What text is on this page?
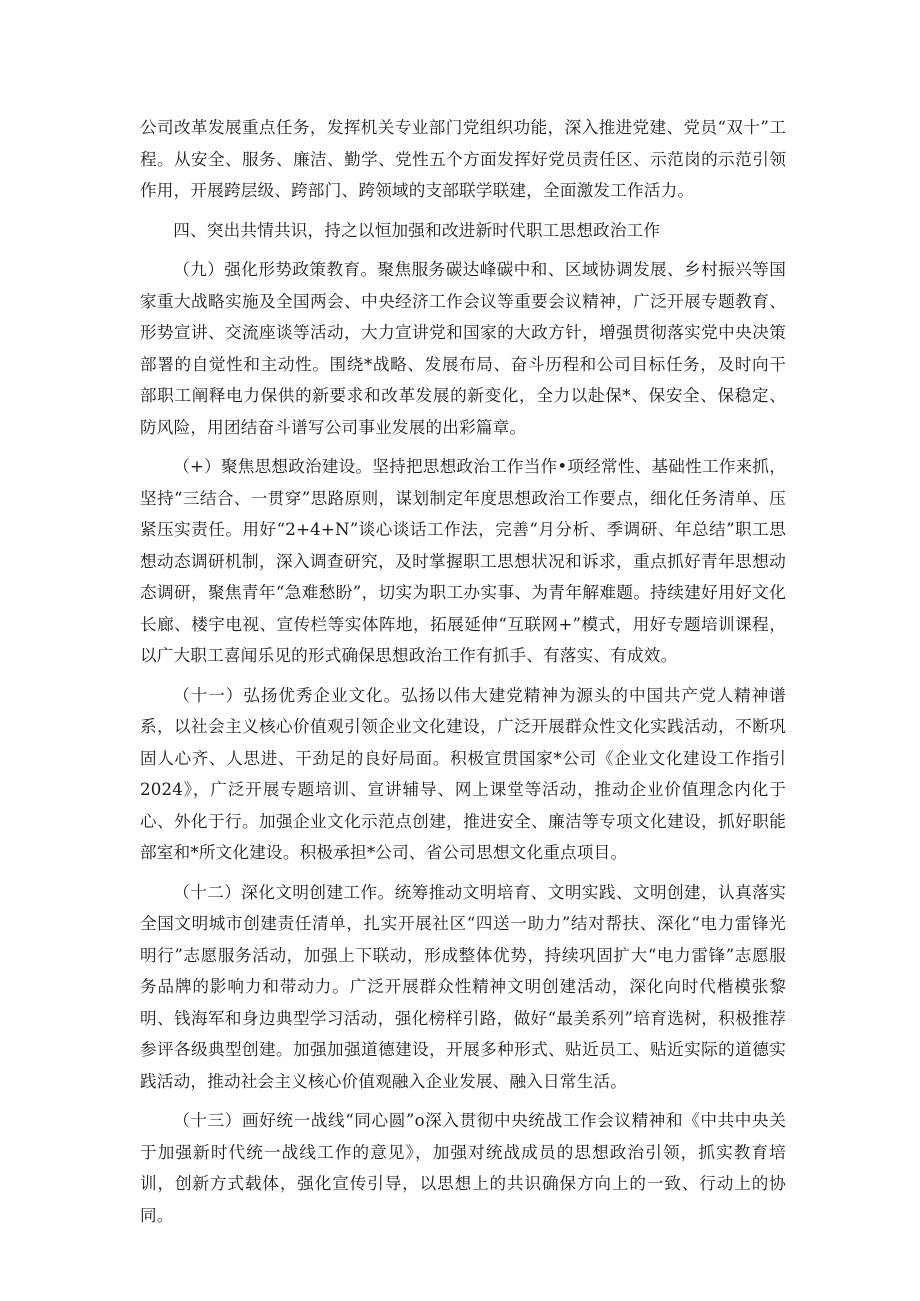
公司改革发展重点任务，发挥机关专业部门党组织功能，深入推进党建、党员“双十”工程。从安全、服务、廉洁、勤学、党性五个方面发挥好党员责任区、示范岗的示范引领作用，开展跨层级、跨部门、跨领域的支部联学联建，全面激发工作活力。

四、突出共情共识，持之以恒加强和改进新时代职工思想政治工作

（九）强化形势政策教育。聚焦服务碳达峰碳中和、区域协调发展、乡村振兴等国家重大战略实施及全国两会、中央经济工作会议等重要会议精神，广泛开展专题教育、形势宣讲、交流座谈等活动，大力宣讲党和国家的大政方针，增强贯彻落实党中央决策部署的自觉性和主动性。围绕*战略、发展布局、奋斗历程和公司目标任务，及时向干部职工阐释电力保供的新要求和改革发展的新变化，全力以赴保*、保安全、保稳定、防风险，用团结奋斗谱写公司事业发展的出彩篇章。

（+）聚焦思想政治建设。坚持把思想政治工作当作•项经常性、基础性工作来抓，坚持“三结合、一贯穿”思路原则，谋划制定年度思想政治工作要点，细化任务清单、压紧压实责任。用好“2+4+N”谈心谈话工作法，完善“月分析、季调研、年总结”职工思想动态调研机制，深入调查研究，及时掌握职工思想状况和诉求，重点抓好青年思想动态调研，聚焦青年“急难愁盼”，切实为职工办实事、为青年解难题。持续建好用好文化长廊、楼宇电视、宣传栏等实体阵地，拓展延伸“互联网+”模式，用好专题培训课程，以广大职工喜闻乐见的形式确保思想政治工作有抓手、有落实、有成效。

（十一）弘扬优秀企业文化。弘扬以伟大建党精神为源头的中国共产党人精神谱系，以社会主义核心价值观引领企业文化建设，广泛开展群众性文化实践活动，不断巩固人心齐、人思进、干劲足的良好局面。积极宣贯国家*公司《企业文化建设工作指引2024》，广泛开展专题培训、宣讲辅导、网上课堂等活动，推动企业价值理念内化于心、外化于行。加强企业文化示范点创建，推进安全、廉洁等专项文化建设，抓好职能部室和*所文化建设。积极承担*公司、省公司思想文化重点项目。

（十二）深化文明创建工作。统筹推动文明培育、文明实践、文明创建，认真落实全国文明城市创建责任清单，扎实开展社区“四送一助力”结对帮扶、深化“电力雷锋光明行”志愿服务活动，加强上下联动，形成整体优势，持续巩固扩大“电力雷锋”志愿服务品牌的影响力和带动力。广泛开展群众性精神文明创建活动，深化向时代楷模张黎明、钱海军和身边典型学习活动，强化榜样引路，做好“最美系列”培育选树，积极推荐参评各级典型创建。加强加强道德建设，开展多种形式、贴近员工、贴近实际的道德实践活动，推动社会主义核心价值观融入企业发展、融入日常生活。

（十三）画好统一战线“同心圆”o深入贯彻中央统战工作会议精神和《中共中央关于加强新时代统一战线工作的意见》，加强对统战成员的思想政治引领，抓实教育培训，创新方式载体，强化宣传引导，以思想上的共识确保方向上的一致、行动上的协同。
